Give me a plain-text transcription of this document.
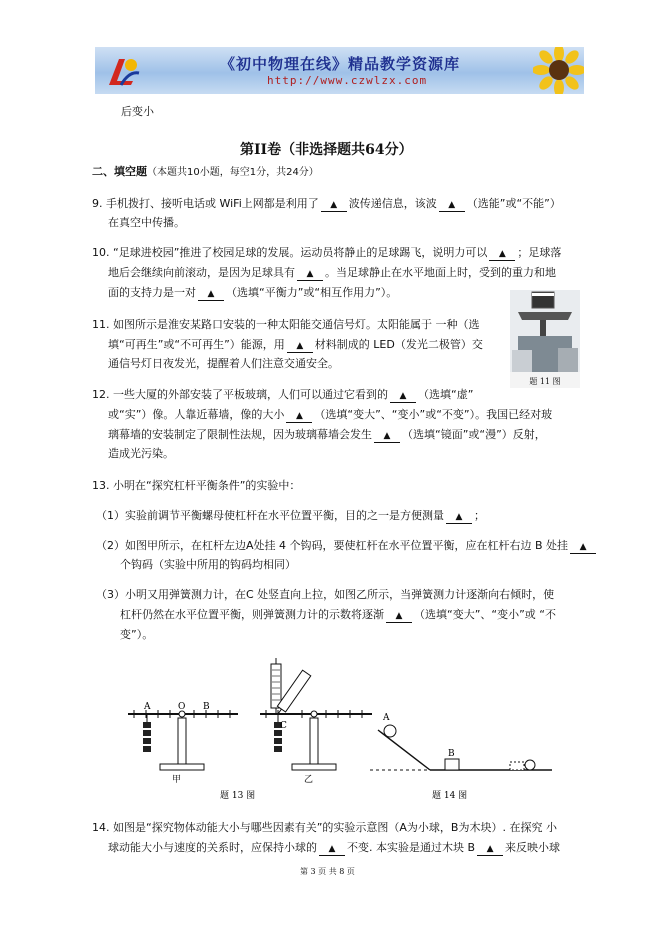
《初中物理在线》精品教学资源库
http://www.czwlzx.com
后变小
第II卷（非选择题共64分）
二、填空题（本题共10小题，每空1分，共24分）
9. 手机拨打、接听电话或 WiFi上网都是利用了 ▲ 波传递信息，该波 ▲ （选能”或“不能”）
在真空中传播。
10. “足球进校园”推进了校园足球的发展。运动员将静止的足球踢飞，说明力可以 ▲ ；足球落
地后会继续向前滚动，是因为足球具有 ▲ 。当足球静止在水平地面上时，受到的重力和地
面的支持力是一对 ▲ （选填“平衡力”或“相互作用力”）。
11. 如图所示是淮安某路口安装的一种太阳能交通信号灯。太阳能属于 一种（选
填“可再生”或“不可再生”）能源，用 ▲ 材料制成的 LED（发光二极管）交
通信号灯日夜发光，提醒着人们注意交通安全。
题 11 图
12. 一些大厦的外部安装了平板玻璃，人们可以通过它看到的 ▲ （选填“虚”
或“实”）像。人靠近幕墙，像的大小 ▲ （选填“变大”、“变小”或“不变”）。我国已经对玻
璃幕墙的安装制定了限制性法规，因为玻璃幕墙会发生 ▲ （选填“镜面”或“漫”）反射，
造成光污染。
13. 小明在“探究杠杆平衡条件”的实验中：
（1）实验前调节平衡螺母使杠杆在水平位置平衡，目的之一是方便测量 ▲ ；
（2）如图甲所示，在杠杆左边A处挂 4 个钩码，要使杠杆在水平位置平衡，应在杠杆右边 B 处挂 ▲
个钩码（实验中所用的钩码均相同）
（3）小明又用弹簧测力计，在C 处竖直向上拉，如图乙所示，当弹簧测力计逐渐向右倾时，使
杠杆仍然在水平位置平衡，则弹簧测力计的示数将逐渐 ▲ （选填“变大”、“变小”或 “不
变”）。
A	O B
甲
C
乙
题 13 图
A
B
题 14 图
14. 如图是“探究物体动能大小与哪些因素有关”的实验示意图（A为小球，B为木块）. 在探究 小
球动能大小与速度的关系时，应保持小球的 ▲ 不变. 本实验是通过木块 B ▲ 来反映小球
第 3 页 共 8 页
